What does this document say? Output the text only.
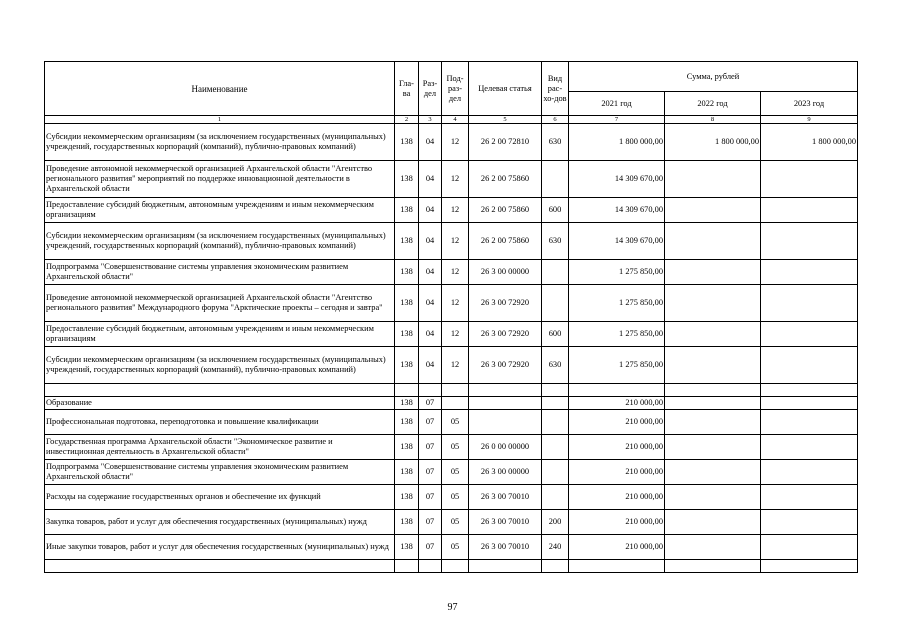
Наименование	Гла-ва	Раз-дел	Под-раз-дел	Целевая статья	Вид рас-хо-дов	Сумма, рублей		
						2021 год	2022 год	2023 год
1	2	3	4	5	6	7	8	9
Субсидии некоммерческим организациям (за исключением государственных (муниципальных) учреждений, государственных корпораций (компаний), публично-правовых компаний)	138	04	12	26 2 00 72810	630	1 800 000,00	1 800 000,00	1 800 000,00
Проведение автономной некоммерческой организацией Архангельской области "Агентство регионального развития" мероприятий по поддержке инновационной деятельности в Архангельской области	138	04	12	26 2 00 75860		14 309 670,00		
Предоставление субсидий бюджетным, автономным учреждениям и иным некоммерческим организациям	138	04	12	26 2 00 75860	600	14 309 670,00		
Субсидии некоммерческим организациям (за исключением государственных (муниципальных) учреждений, государственных корпораций (компаний), публично-правовых компаний)	138	04	12	26 2 00 75860	630	14 309 670,00		
Подпрограмма "Совершенствование системы управления экономическим развитием Архангельской области"	138	04	12	26 3 00 00000		1 275 850,00		
Проведение автономной некоммерческой организацией Архангельской области "Агентство регионального развития" Международного форума "Арктические проекты – сегодня и завтра"	138	04	12	26 3 00 72920		1 275 850,00		
Предоставление субсидий бюджетным, автономным учреждениям и иным некоммерческим организациям	138	04	12	26 3 00 72920	600	1 275 850,00		
Субсидии некоммерческим организациям (за исключением государственных (муниципальных) учреждений, государственных корпораций (компаний), публично-правовых компаний)	138	04	12	26 3 00 72920	630	1 275 850,00		

Образование	138	07				210 000,00		
Профессиональная подготовка, переподготовка и повышение квалификации	138	07	05			210 000,00		
Государственная программа Архангельской области "Экономическое развитие и инвестиционная деятельность в Архангельской области"	138	07	05	26 0 00 00000		210 000,00		
Подпрограмма "Совершенствование системы управления экономическим развитием Архангельской области"	138	07	05	26 3 00 00000		210 000,00		
Расходы на содержание государственных органов и обеспечение их функций	138	07	05	26 3 00 70010		210 000,00		
Закупка товаров, работ и услуг для обеспечения государственных (муниципальных) нужд	138	07	05	26 3 00 70010	200	210 000,00		
Иные закупки товаров, работ и услуг для обеспечения государственных (муниципальных) нужд	138	07	05	26 3 00 70010	240	210 000,00		

97
